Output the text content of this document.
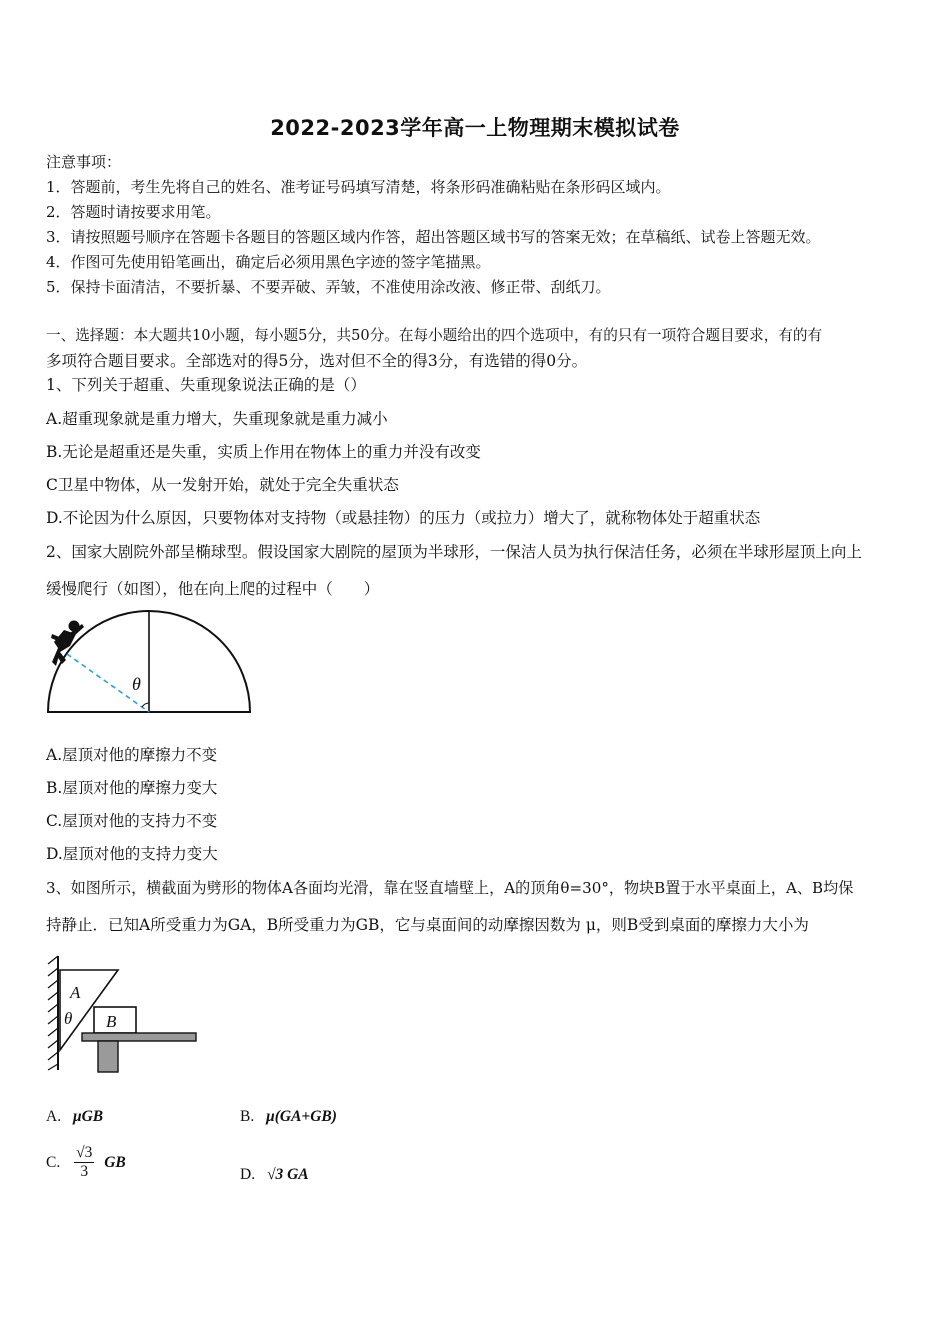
2022-2023学年高一上物理期末模拟试卷
注意事项：
1．答题前，考生先将自己的姓名、准考证号码填写清楚，将条形码准确粘贴在条形码区域内。
2．答题时请按要求用笔。
3．请按照题号顺序在答题卡各题目的答题区域内作答，超出答题区域书写的答案无效；在草稿纸、试卷上答题无效。
4．作图可先使用铅笔画出，确定后必须用黑色字迹的签字笔描黑。
5．保持卡面清洁，不要折暴、不要弄破、弄皱，不准使用涂改液、修正带、刮纸刀。
一、选择题：本大题共10小题，每小题5分，共50分。在每小题给出的四个选项中，有的只有一项符合题目要求，有的有
多项符合题目要求。全部选对的得5分，选对但不全的得3分，有选错的得0分。
1、下列关于超重、失重现象说法正确的是（）
A.超重现象就是重力增大，失重现象就是重力减小
B.无论是超重还是失重，实质上作用在物体上的重力并没有改变
C卫星中物体，从一发射开始，就处于完全失重状态
D.不论因为什么原因，只要物体对支持物（或悬挂物）的压力（或拉力）增大了，就称物体处于超重状态
2、国家大剧院外部呈椭球型。假设国家大剧院的屋顶为半球形，一保洁人员为执行保洁任务，必须在半球形屋顶上向上
缓慢爬行（如图），他在向上爬的过程中（　　）
θ
A.屋顶对他的摩擦力不变
B.屋顶对他的摩擦力变大
C.屋顶对他的支持力不变
D.屋顶对他的支持力变大
3、如图所示，横截面为劈形的物体A各面均光滑，靠在竖直墙壁上，A的顶角θ=30°，物块B置于水平桌面上，A、B均保
持静止．已知A所受重力为GA，B所受重力为GB，它与桌面间的动摩擦因数为 μ，则B受到桌面的摩擦力大小为
A
θ B
A. μGB	B. μ(GA+GB)
C. $\frac{√3}{3}$ GB
D. √3 GA
